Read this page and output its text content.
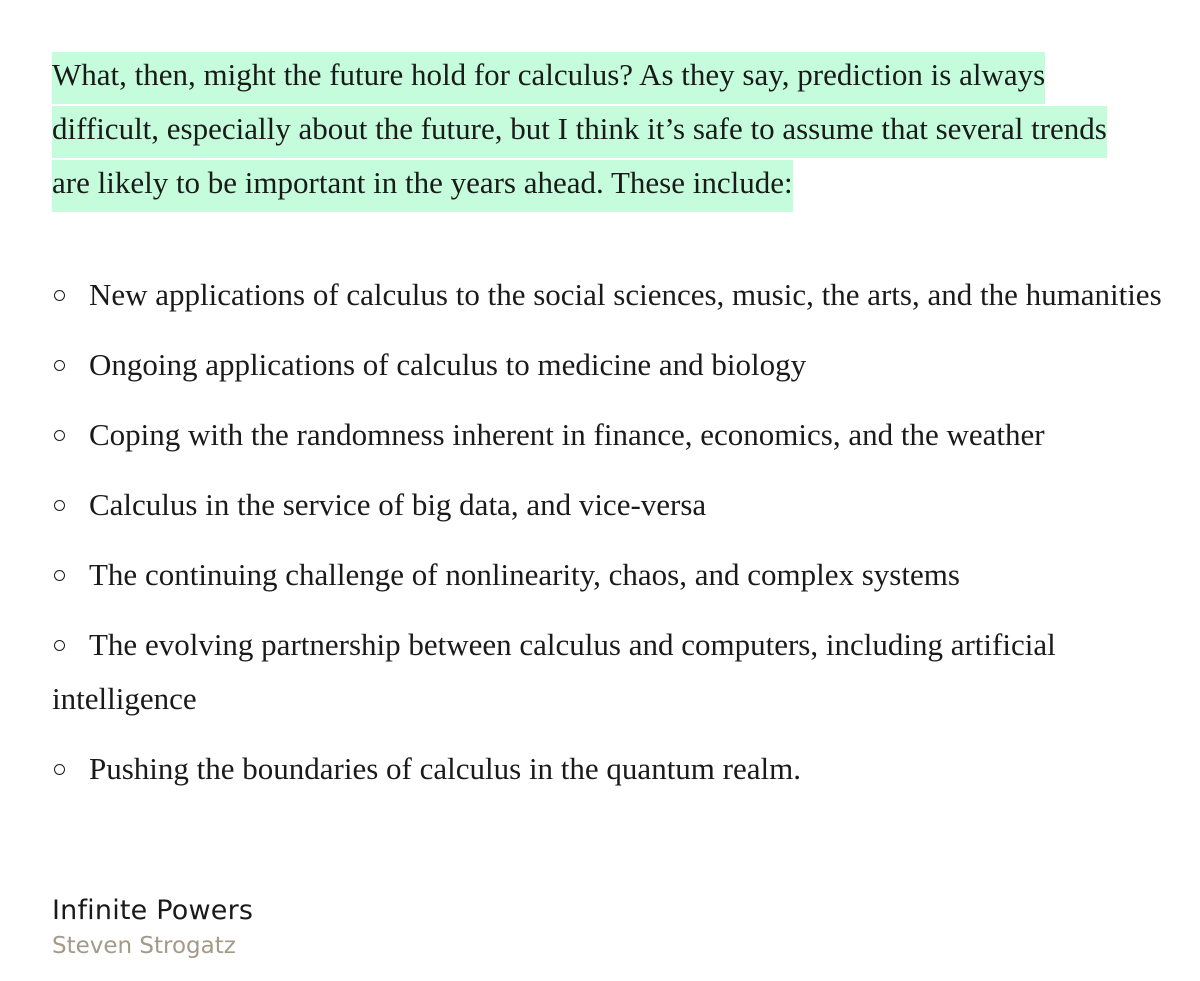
What, then, might the future hold for calculus? As they say, prediction is always difficult, especially about the future, but I think it’s safe to assume that several trends are likely to be important in the years ahead. These include:

New applications of calculus to the social sciences, music, the arts, and the humanities
Ongoing applications of calculus to medicine and biology
Coping with the randomness inherent in finance, economics, and the weather
Calculus in the service of big data, and vice-versa
The continuing challenge of nonlinearity, chaos, and complex systems
The evolving partnership between calculus and computers, including artificial intelligence
Pushing the boundaries of calculus in the quantum realm.
Infinite Powers
Steven Strogatz
